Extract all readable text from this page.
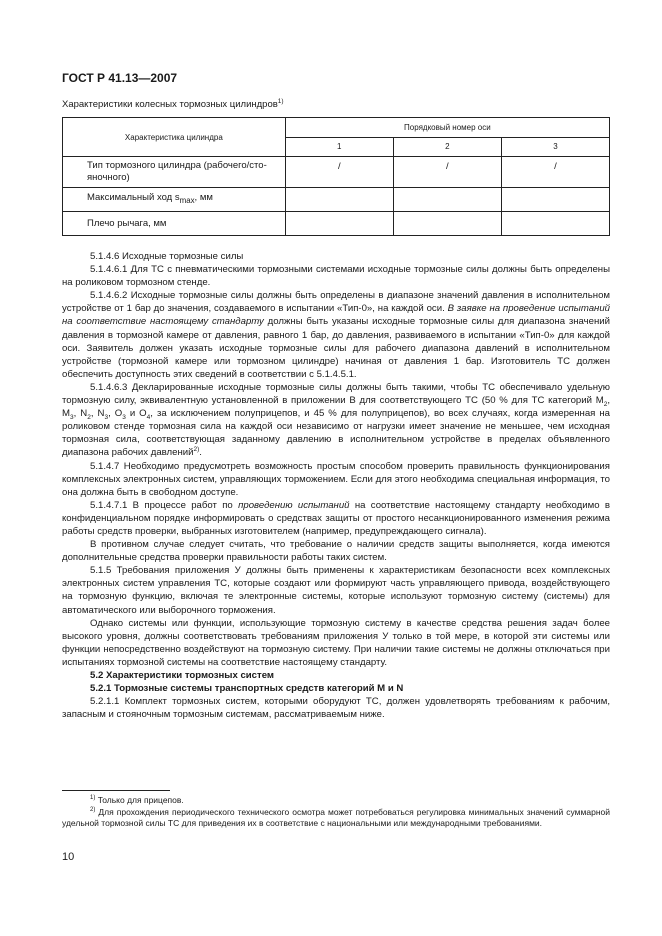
ГОСТ Р 41.13—2007
Характеристики колесных тормозных цилиндров$^{1)}$
Характеристика цилиндра	Порядковый номер оси		
	1	2	3
Тип тормозного цилиндра (рабочего/сто-яночного)	/	/	/
Максимальный ход $s_{max}$, мм			
Плечо рычага, мм			

5.1.4.6 Исходные тормозные силы

5.1.4.6.1 Для ТС с пневматическими тормозными системами исходные тормозные силы должны быть определены на роликовом тормозном стенде.

5.1.4.6.2 Исходные тормозные силы должны быть определены в диапазоне значений давления в исполнительном устройстве от 1 бар до значения, создаваемого в испытании «Тип-0», на каждой оси. В заявке на проведение испытаний на соответствие настоящему стандарту должны быть указаны исходные тормозные силы для диапазона значений давления в тормозной камере от давления, равного 1 бар, до давления, развиваемого в испытании «Тип-0» для каждой оси. Заявитель должен указать исходные тормозные силы для рабочего диапазона давлений в исполнительном устройстве (тормозной камере или тормозном цилиндре) начиная от давления 1 бар. Изготовитель ТС должен обеспечить доступность этих сведений в соответствии с 5.1.4.5.1.

5.1.4.6.3 Декларированные исходные тормозные силы должны быть такими, чтобы ТС обеспечивало удельную тормозную силу, эквивалентную установленной в приложении В для соответствующего ТС (50 % для ТС категорий $М_2$, $М_3$, $N_2$, $N_3$, $О_3$ и $О_4$, за исключением полуприцепов, и 45 % для полуприцепов), во всех случаях, когда измеренная на роликовом стенде тормозная сила на каждой оси независимо от нагрузки имеет значение не меньшее, чем исходная тормозная сила, соответствующая заданному давлению в исполнительном устройстве в пределах объявленного диапазона рабочих давлений$^{2)}$.

5.1.4.7 Необходимо предусмотреть возможность простым способом проверить правильность функционирования комплексных электронных систем, управляющих торможением. Если для этого необходима специальная информация, то она должна быть в свободном доступе.

5.1.4.7.1 В процессе работ по проведению испытаний на соответствие настоящему стандарту необходимо в конфиденциальном порядке информировать о средствах защиты от простого несанкционированного изменения режима работы средств проверки, выбранных изготовителем (например, предупреждающего сигнала).

В противном случае следует считать, что требование о наличии средств защиты выполняется, когда имеются дополнительные средства проверки правильности работы таких систем.

5.1.5 Требования приложения У должны быть применены к характеристикам безопасности всех комплексных электронных систем управления ТС, которые создают или формируют часть управляющего привода, воздействующего на тормозную функцию, включая те электронные системы, которые используют тормозную систему (системы) для автоматического или выборочного торможения.

Однако системы или функции, использующие тормозную систему в качестве средства решения задач более высокого уровня, должны соответствовать требованиям приложения У только в той мере, в которой эти системы или функции непосредственно воздействуют на тормозную систему. При наличии такие системы не должны отключаться при испытаниях тормозной системы на соответствие настоящему стандарту.

5.2 Характеристики тормозных систем

5.2.1 Тормозные системы транспортных средств категорий М и N

5.2.1.1 Комплект тормозных систем, которыми оборудуют ТС, должен удовлетворять требованиям к рабочим, запасным и стояночным тормозным системам, рассматриваемым ниже.

$^{1)}$ Только для прицепов.

$^{2)}$ Для прохождения периодического технического осмотра может потребоваться регулировка минимальных значений суммарной удельной тормозной силы ТС для приведения их в соответствие с национальными или международными требованиями.

10
